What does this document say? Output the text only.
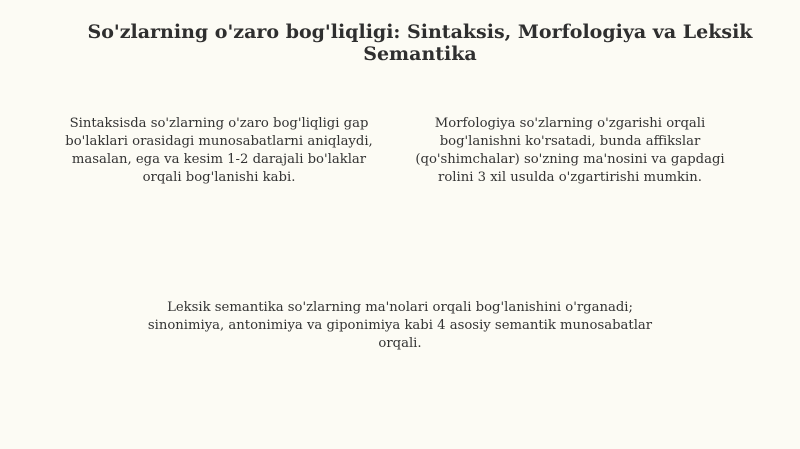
So'zlarning o'zaro bog'liqligi: Sintaksis, Morfologiya va Leksik Semantika

Sintaksisda so'zlarning o'zaro bog'liqligi gap bo'laklari orasidagi munosabatlarni aniqlaydi, masalan, ega va kesim 1-2 darajali bo'laklar orqali bog'lanishi kabi.

Morfologiya so'zlarning o'zgarishi orqali bog'lanishni ko'rsatadi, bunda affikslar (qo'shimchalar) so'zning ma'nosini va gapdagi rolini 3 xil usulda o'zgartirishi mumkin.

Leksik semantika so'zlarning ma'nolari orqali bog'lanishini o'rganadi; sinonimiya, antonimiya va giponimiya kabi 4 asosiy semantik munosabatlar orqali.
